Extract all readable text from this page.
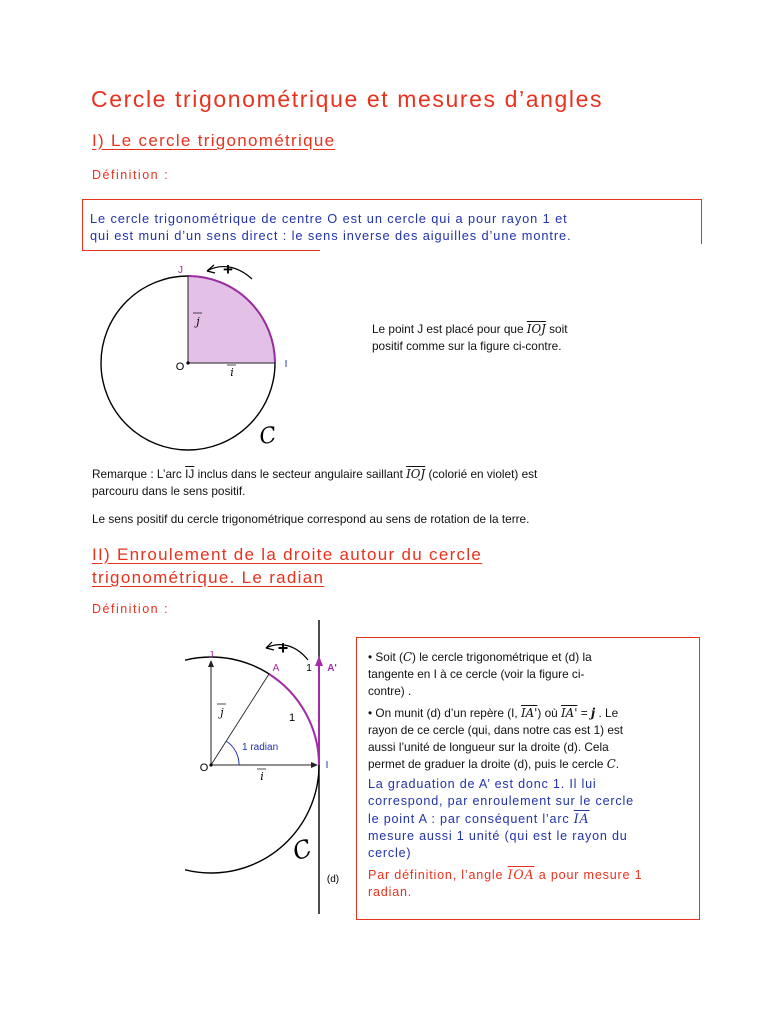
Cercle trigonométrique et mesures d’angles
I) Le cercle trigonométrique
Définition :
Le cercle trigonométrique de centre O est un cercle qui a pour rayon 1 et
qui est muni d’un sens direct : le sens inverse des aiguilles d’une montre.
+
J
O	I
j
i
C
Le point J est placé pour que $\overline{IOJ}$ soit
positif comme sur la figure ci-contre.
Remarque : L’arc $\overline{IJ}$ inclus dans le secteur angulaire saillant $\overline{IOJ}$ (colorié en violet) est
parcouru dans le sens positif.
Le sens positif du cercle trigonométrique correspond au sens de rotation de la terre.
II) Enroulement de la droite autour du cercle
trigonométrique. Le radian
Définition :
+
J
A	1 A'
1
1 radian
O	I
j
i
C
(d)
• Soit (C) le cercle trigonométrique et (d) la
tangente en I à ce cercle (voir la figure ci-
contre) .
• On munit (d) d’un repère (I, IA') où IA' = j . Le
rayon de ce cercle (qui, dans notre cas est 1) est
aussi l’unité de longueur sur la droite (d). Cela
permet de graduer la droite (d), puis le cercle C.
La graduation de A’ est donc 1. Il lui
correspond, par enroulement sur le cercle
le point A : par conséquent l’arc $\overline{IA}$
mesure aussi 1 unité (qui est le rayon du
cercle)
Par définition, l’angle $\overline{IOA}$ a pour mesure 1
radian.
